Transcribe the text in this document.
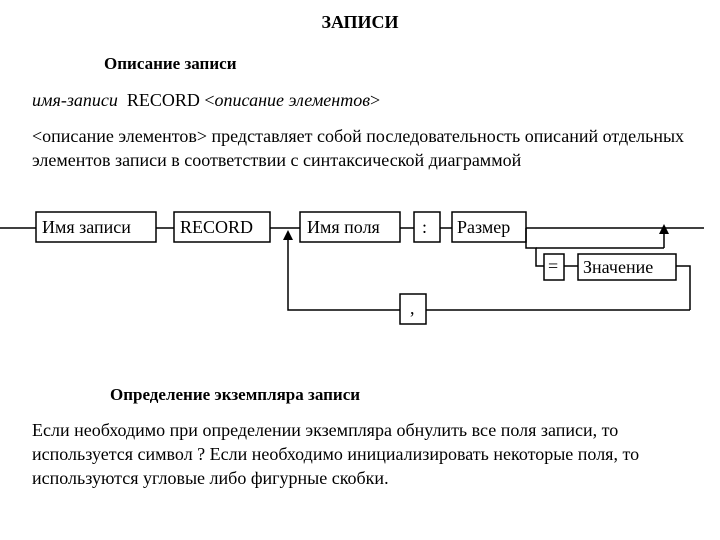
ЗАПИСИ
Описание записи
имя-записи RECORD <описание элементов>
<описание элементов> представляет собой последовательность описаний отдельных элементов записи в соответствии с синтаксической диаграммой
Имя записи	RECORD	Имя поля : Размер
= Значение
,
Определение экземпляра записи
Если необходимо при определении экземпляра обнулить все поля записи, то используется символ ? Если необходимо инициализировать некоторые поля, то используются угловые либо фигурные скобки.
